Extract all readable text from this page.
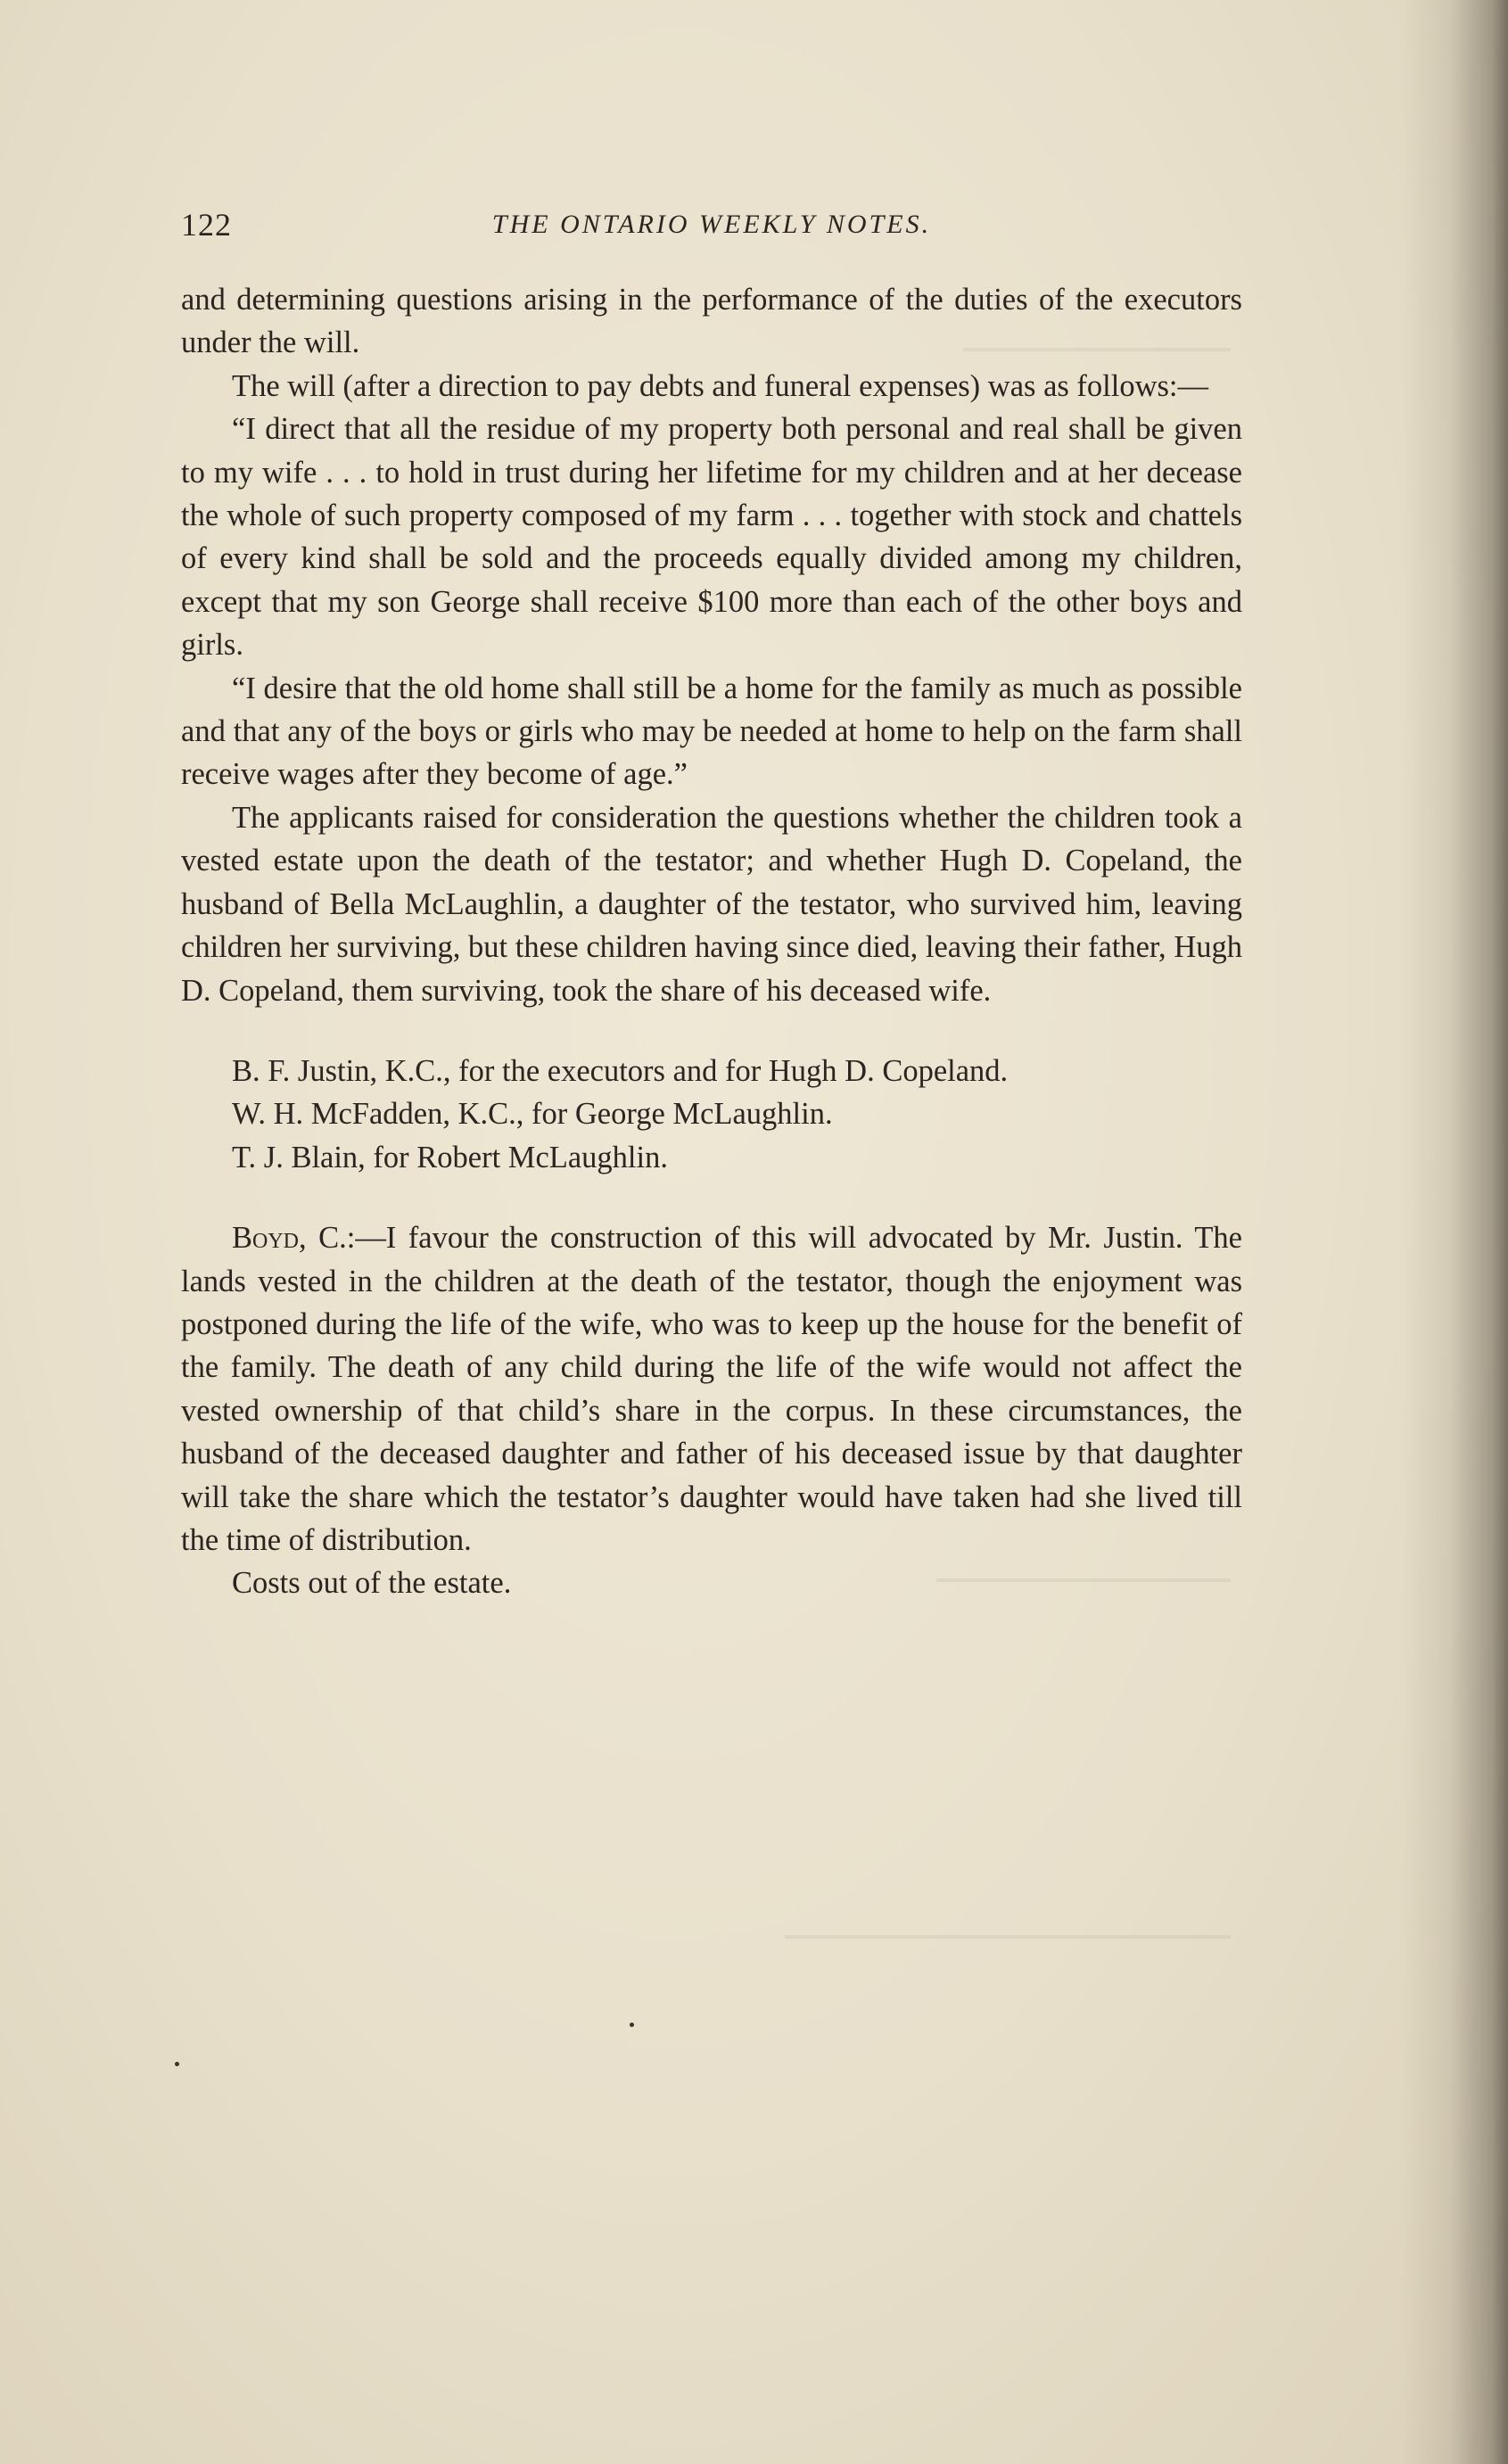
122	THE ONTARIO WEEKLY NOTES.

and determining questions arising in the performance of the duties of the executors under the will.

The will (after a direction to pay debts and funeral expenses) was as follows:—

“I direct that all the residue of my property both personal and real shall be given to my wife . . . to hold in trust during her lifetime for my children and at her decease the whole of such property composed of my farm . . . together with stock and chattels of every kind shall be sold and the proceeds equally divided among my children, except that my son George shall receive $100 more than each of the other boys and girls.

“I desire that the old home shall still be a home for the family as much as possible and that any of the boys or girls who may be needed at home to help on the farm shall receive wages after they become of age.”

The applicants raised for consideration the questions whether the children took a vested estate upon the death of the testator; and whether Hugh D. Copeland, the husband of Bella McLaughlin, a daughter of the testator, who survived him, leaving children her surviving, but these children having since died, leaving their father, Hugh D. Copeland, them surviving, took the share of his deceased wife.

B. F. Justin, K.C., for the executors and for Hugh D. Copeland.

W. H. McFadden, K.C., for George McLaughlin.

T. J. Blain, for Robert McLaughlin.

Boyd, C.:—I favour the construction of this will advocated by Mr. Justin. The lands vested in the children at the death of the testator, though the enjoyment was postponed during the life of the wife, who was to keep up the house for the benefit of the family. The death of any child during the life of the wife would not affect the vested ownership of that child’s share in the corpus. In these circumstances, the husband of the deceased daughter and father of his deceased issue by that daughter will take the share which the testator’s daughter would have taken had she lived till the time of distribution.

Costs out of the estate.
